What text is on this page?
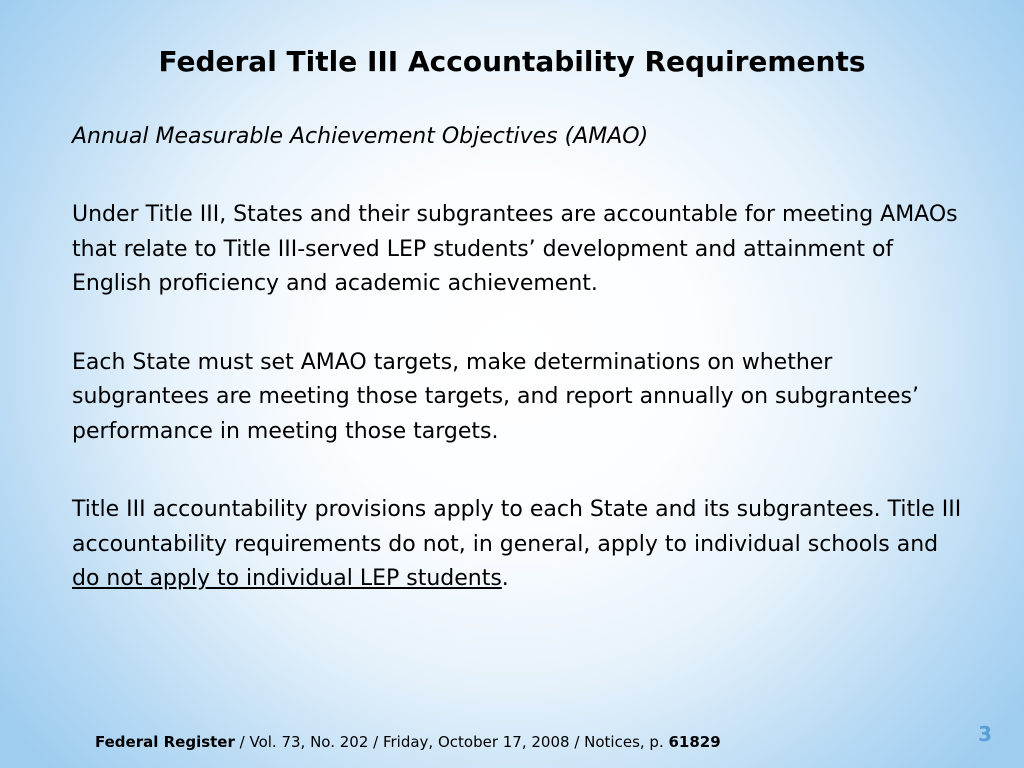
Federal Title III Accountability Requirements

Annual Measurable Achievement Objectives (AMAO)

Under Title III, States and their subgrantees are accountable for meeting AMAOs that relate to Title III-served LEP students’ development and attainment of English proficiency and academic achievement.

Each State must set AMAO targets, make determinations on whether subgrantees are meeting those targets, and report annually on subgrantees’ performance in meeting those targets.

Title III accountability provisions apply to each State and its subgrantees. Title III accountability requirements do not, in general, apply to individual schools and do not apply to individual LEP students.

Federal Register / Vol. 73, No. 202 / Friday, October 17, 2008 / Notices, p. 61829	3
